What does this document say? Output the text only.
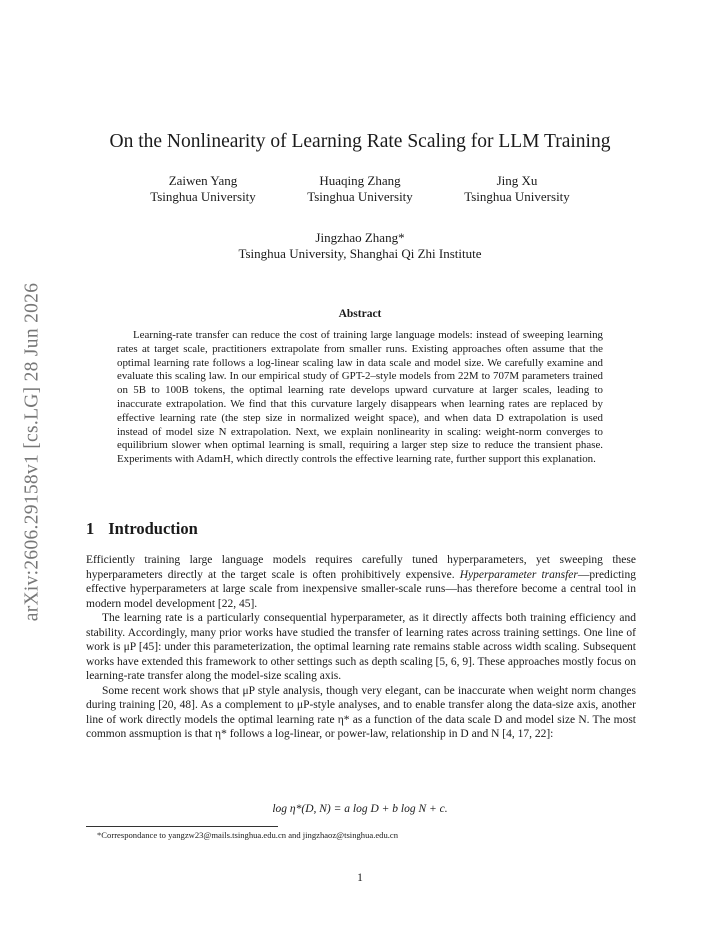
arXiv:2606.29158v1 [cs.LG] 28 Jun 2026
On the Nonlinearity of Learning Rate Scaling for LLM Training
Zaiwen Yang
Tsinghua University
Huaqing Zhang
Tsinghua University
Jing Xu
Tsinghua University
Jingzhao Zhang*
Tsinghua University, Shanghai Qi Zhi Institute
Abstract
Learning-rate transfer can reduce the cost of training large language models: instead of sweeping learning rates at target scale, practitioners extrapolate from smaller runs. Existing approaches often assume that the optimal learning rate follows a log-linear scaling law in data scale and model size. We carefully examine and evaluate this scaling law. In our empirical study of GPT-2–style models from 22M to 707M parameters trained on 5B to 100B tokens, the optimal learning rate develops upward curvature at larger scales, leading to inaccurate extrapolation. We find that this curvature largely disappears when learning rates are replaced by effective learning rate (the step size in normalized weight space), and when data D extrapolation is used instead of model size N extrapolation. Next, we explain nonlinearity in scaling: weight-norm converges to equilibrium slower when optimal learning is small, requiring a larger step size to reduce the transient phase. Experiments with AdamH, which directly controls the effective learning rate, further support this explanation.
1 Introduction

Efficiently training large language models requires carefully tuned hyperparameters, yet sweeping these hyperparameters directly at the target scale is often prohibitively expensive. Hyperparameter transfer—predicting effective hyperparameters at large scale from inexpensive smaller-scale runs—has therefore become a central tool in modern model development [22, 45].

The learning rate is a particularly consequential hyperparameter, as it directly affects both training efficiency and stability. Accordingly, many prior works have studied the transfer of learning rates across training settings. One line of work is μP [45]: under this parameterization, the optimal learning rate remains stable across width scaling. Subsequent works have extended this framework to other settings such as depth scaling [5, 6, 9]. These approaches mostly focus on learning-rate transfer along the model-size scaling axis.

Some recent work shows that μP style analysis, though very elegant, can be inaccurate when weight norm changes during training [20, 48]. As a complement to μP-style analyses, and to enable transfer along the data-size axis, another line of work directly models the optimal learning rate η* as a function of the data scale D and model size N. The most common assmuption is that η* follows a log-linear, or power-law, relationship in D and N [4, 17, 22]:

log η*(D, N) = a log D + b log N + c.
*Correspondance to yangzw23@mails.tsinghua.edu.cn and jingzhaoz@tsinghua.edu.cn
1
